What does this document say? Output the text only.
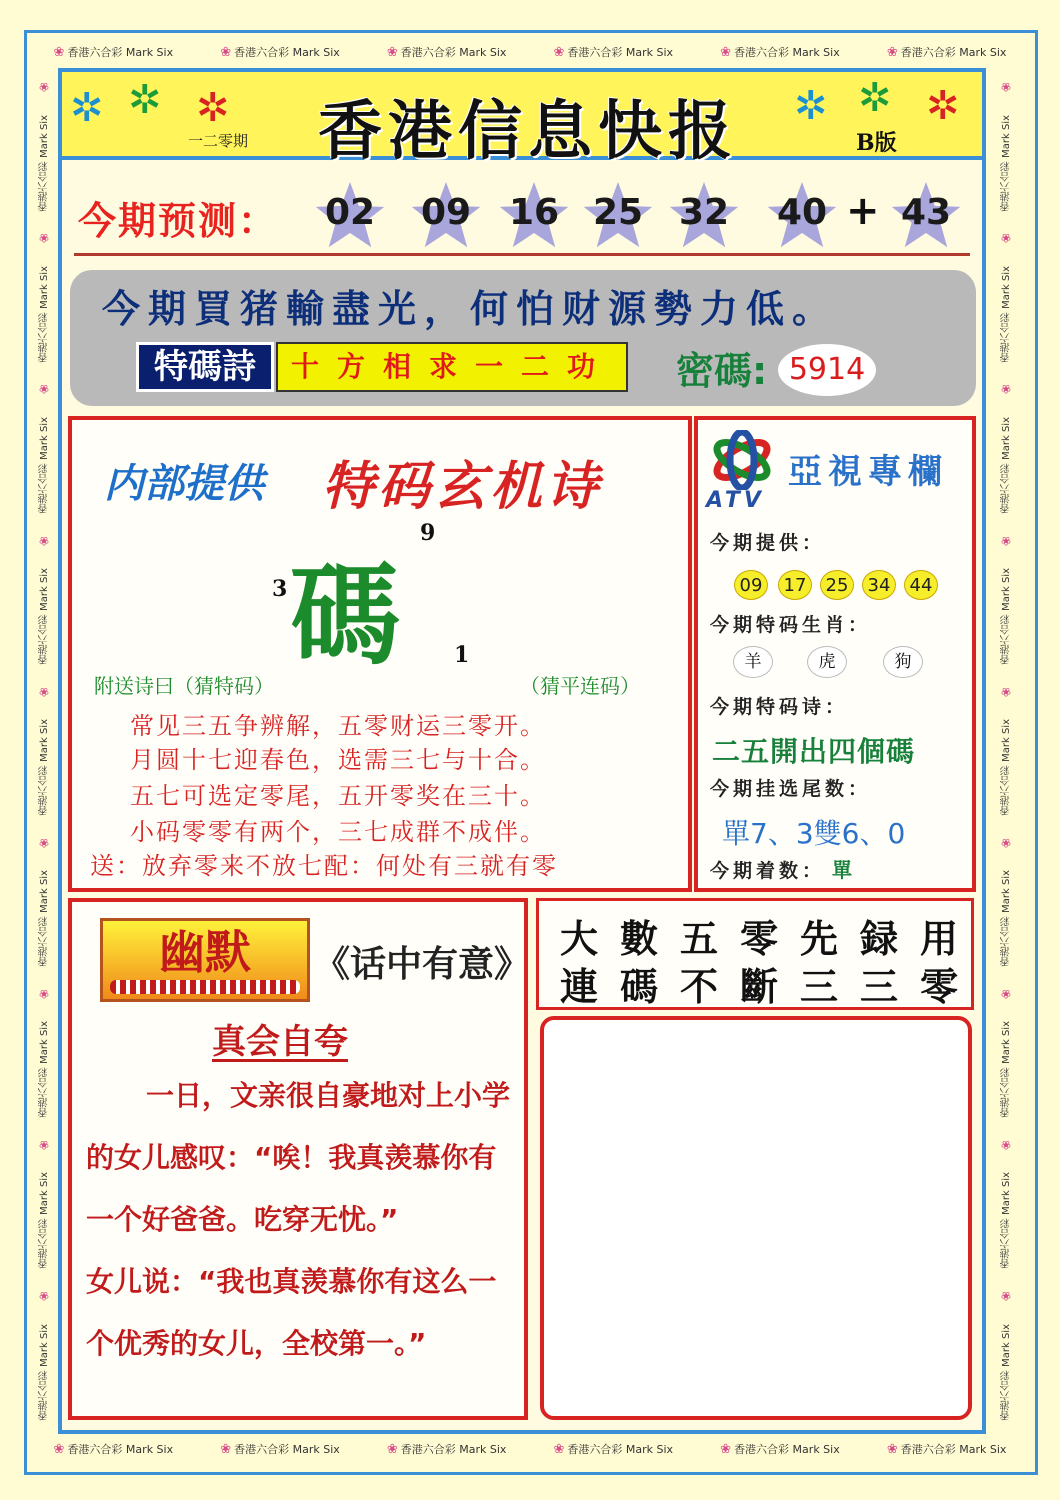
❀ 香港六合彩 Mark Six	❀ 香港六合彩 Mark Six	❀ 香港六合彩 Mark Six	❀ 香港六合彩 Mark Six	❀ 香港六合彩 Mark Six	❀ 香港六合彩 Mark Six
❀ 香港六合彩 Mark Six	❀ 香港六合彩 Mark Six	❀ 香港六合彩 Mark Six	❀ 香港六合彩 Mark Six	❀ 香港六合彩 Mark Six	❀ 香港六合彩 Mark Six
❀
香港六合彩 Mark Six
❀
香港六合彩 Mark Six
❀
香港六合彩 Mark Six
❀
香港六合彩 Mark Six
❀
香港六合彩 Mark Six
❀
香港六合彩 Mark Six
❀
香港六合彩 Mark Six
❀
香港六合彩 Mark Six
❀
香港六合彩 Mark Six
❀
香港六合彩 Mark Six
❀
香港六合彩 Mark Six
❀
香港六合彩 Mark Six
❀
香港六合彩 Mark Six
❀
香港六合彩 Mark Six
❀
香港六合彩 Mark Six
❀
香港六合彩 Mark Six
❀
香港六合彩 Mark Six
❀
香港六合彩 Mark Six
✲ ✲ ✲	✲ ✲ ✲
一二零期	香港信息快报	B版
今期预测：	02	09	16 25 32	40 + 43
今期買猪輸盡光，何怕财源勢力低。
特碼詩	十方相求一二功	密碼: 5914
内部提供 特码玄机诗
9
3 碼 1
附送诗曰（猜特码）	（猜平连码）
常见三五争辨解，五零财运三零开。
月圆十七迎春色，选需三七与十合。
五七可选定零尾，五开零奖在三十。
小码零零有两个，三七成群不成伴。
送：放弃零来不放七配：何处有三就有零
ATV
亞視專欄
今期提供：
09	17	25	34	44
今期特码生肖：
羊	虎	狗
今期特码诗：
二五開出四個碼
今期挂选尾数：
單7、3雙6、0
今期着数： 單
幽默	《话中有意》
真会自夸
一日，文亲很自豪地对上小学
的女儿感叹：“唉！我真羡慕你有
一个好爸爸。吃穿无忧。”
女儿说：“我也真羡慕你有这么一
个优秀的女儿，全校第一。”
大數五零先録用
連碼不斷三三零
